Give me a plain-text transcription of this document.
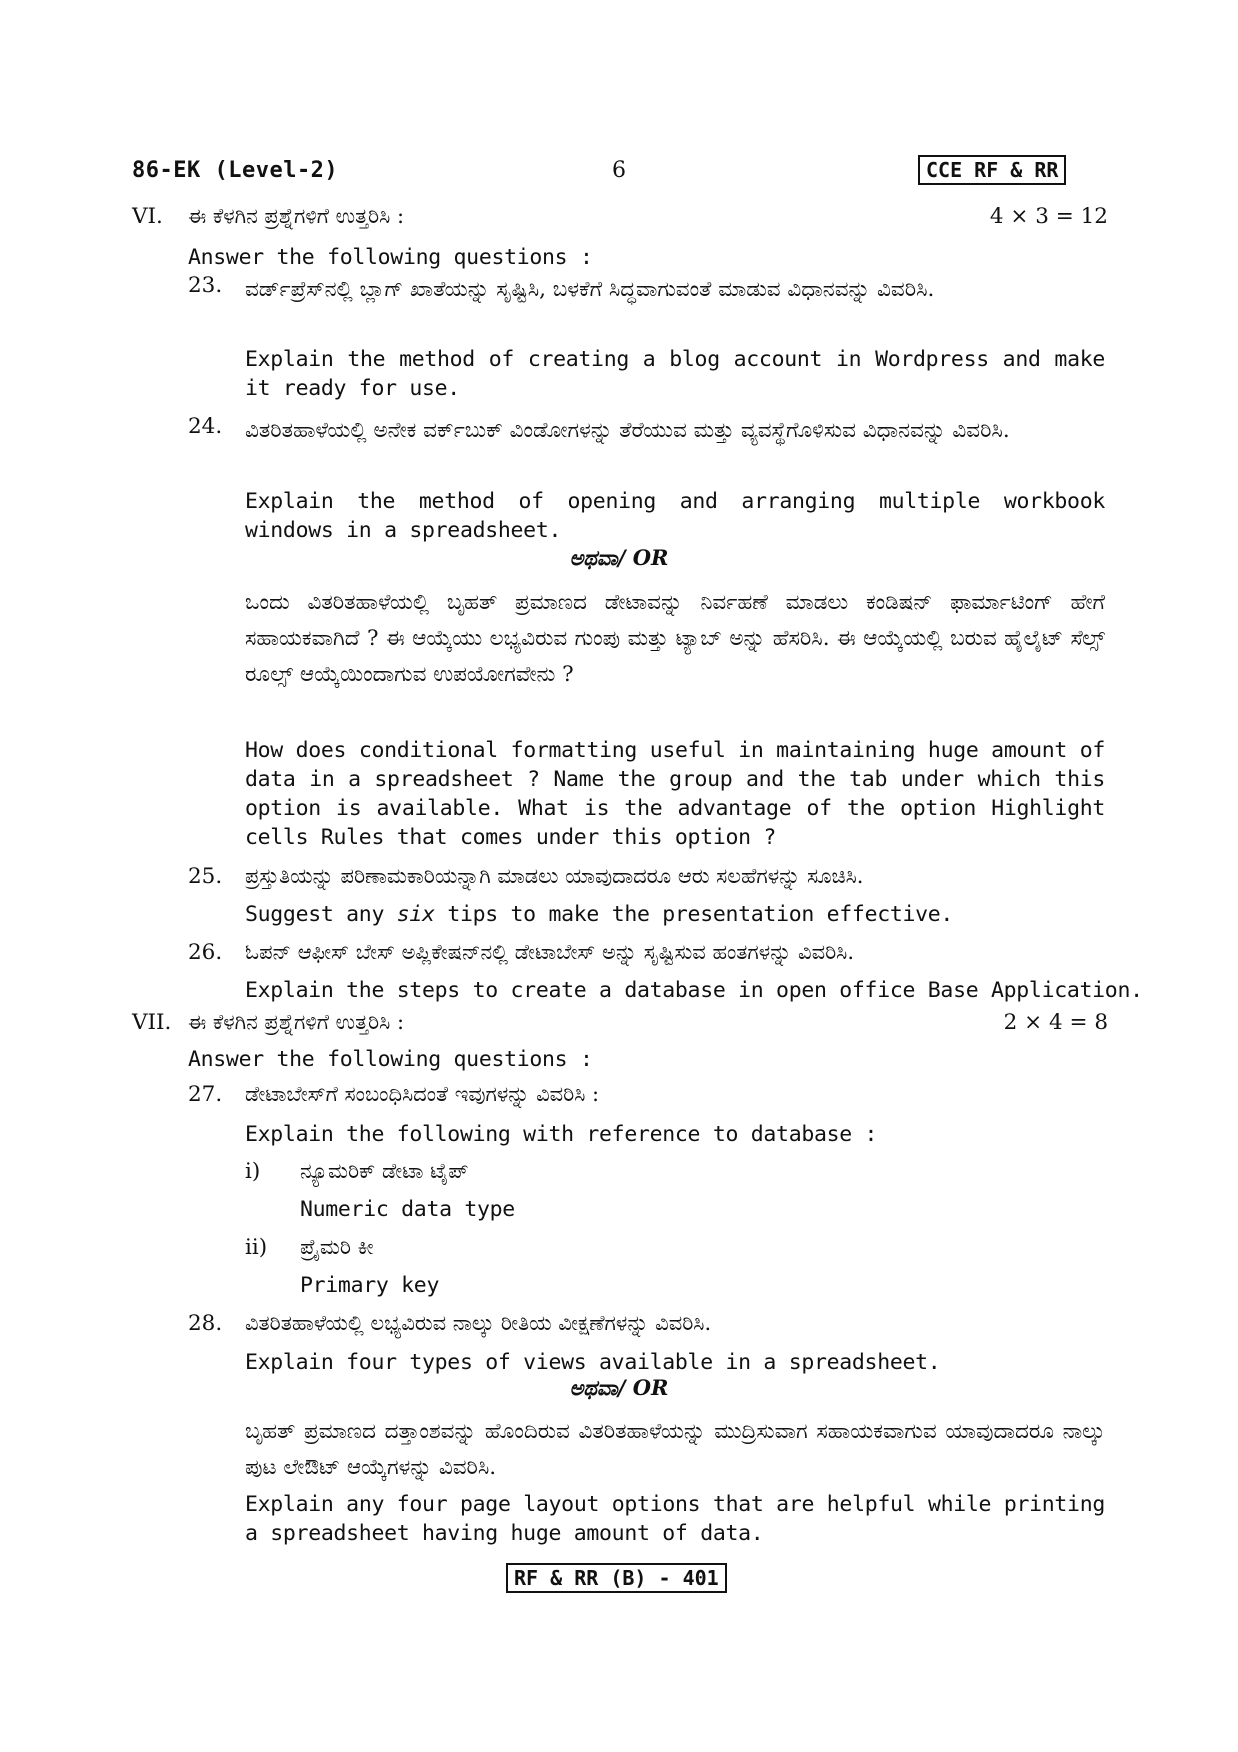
86-EK (Level-2)	6	CCE RF & RR
VI. ಈ ಕೆಳಗಿನ ಪ್ರಶ್ನೆಗಳಿಗೆ ಉತ್ತರಿಸಿ :	4 × 3 = 12
Answer the following questions :
23. ವರ್ಡ್‌ಪ್ರೆಸ್‌ನಲ್ಲಿ ಬ್ಲಾಗ್ ಖಾತೆಯನ್ನು ಸೃಷ್ಟಿಸಿ, ಬಳಕೆಗೆ ಸಿದ್ಧವಾಗುವಂತೆ ಮಾಡುವ ವಿಧಾನವನ್ನು ವಿವರಿಸಿ.
Explain the method of creating a blog account in Wordpress and make it ready for use.
24. ವಿತರಿತಹಾಳೆಯಲ್ಲಿ ಅನೇಕ ವರ್ಕ್‌ಬುಕ್ ವಿಂಡೋಗಳನ್ನು ತೆರೆಯುವ ಮತ್ತು ವ್ಯವಸ್ಥೆಗೊಳಿಸುವ ವಿಧಾನವನ್ನು ವಿವರಿಸಿ.
Explain the method of opening and arranging multiple workbook windows in a spreadsheet.
ಅಥವಾ/ OR
ಒಂದು ವಿತರಿತಹಾಳೆಯಲ್ಲಿ ಬೃಹತ್ ಪ್ರಮಾಣದ ಡೇಟಾವನ್ನು ನಿರ್ವಹಣೆ ಮಾಡಲು ಕಂಡಿಷನ್ ಫಾರ್ಮಾಟಿಂಗ್ ಹೇಗೆ ಸಹಾಯಕವಾಗಿದೆ ? ಈ ಆಯ್ಕೆಯು ಲಭ್ಯವಿರುವ ಗುಂಪು ಮತ್ತು ಟ್ಯಾಬ್ ಅನ್ನು ಹೆಸರಿಸಿ. ಈ ಆಯ್ಕೆಯಲ್ಲಿ ಬರುವ ಹೈಲೈಟ್ ಸೆಲ್ಸ್ ರೂಲ್ಸ್ ಆಯ್ಕೆಯಿಂದಾಗುವ ಉಪಯೋಗವೇನು ?
How does conditional formatting useful in maintaining huge amount of data in a spreadsheet ? Name the group and the tab under which this option is available. What is the advantage of the option Highlight cells Rules that comes under this option ?
25. ಪ್ರಸ್ತುತಿಯನ್ನು ಪರಿಣಾಮಕಾರಿಯನ್ನಾಗಿ ಮಾಡಲು ಯಾವುದಾದರೂ ಆರು ಸಲಹೆಗಳನ್ನು ಸೂಚಿಸಿ.
Suggest any six tips to make the presentation effective.
26. ಓಪನ್ ಆಫೀಸ್ ಬೇಸ್ ಅಪ್ಲಿಕೇಷನ್‌ನಲ್ಲಿ ಡೇಟಾಬೇಸ್ ಅನ್ನು ಸೃಷ್ಟಿಸುವ ಹಂತಗಳನ್ನು ವಿವರಿಸಿ.
Explain the steps to create a database in open office Base Application.
VII. ಈ ಕೆಳಗಿನ ಪ್ರಶ್ನೆಗಳಿಗೆ ಉತ್ತರಿಸಿ :	2 × 4 = 8
Answer the following questions :
27. ಡೇಟಾಬೇಸ್‌ಗೆ ಸಂಬಂಧಿಸಿದಂತೆ ಇವುಗಳನ್ನು ವಿವರಿಸಿ :
Explain the following with reference to database :
i) ನ್ಯೂಮರಿಕ್ ಡೇಟಾ ಟೈಪ್
Numeric data type
ii) ಪ್ರೈಮರಿ ಕೀ
Primary key
28. ವಿತರಿತಹಾಳೆಯಲ್ಲಿ ಲಭ್ಯವಿರುವ ನಾಲ್ಕು ರೀತಿಯ ವೀಕ್ಷಣೆಗಳನ್ನು ವಿವರಿಸಿ.
Explain four types of views available in a spreadsheet.
ಅಥವಾ/ OR
ಬೃಹತ್ ಪ್ರಮಾಣದ ದತ್ತಾಂಶವನ್ನು ಹೊಂದಿರುವ ವಿತರಿತಹಾಳೆಯನ್ನು ಮುದ್ರಿಸುವಾಗ ಸಹಾಯಕವಾಗುವ ಯಾವುದಾದರೂ ನಾಲ್ಕು ಪುಟ ಲೇಔಟ್ ಆಯ್ಕೆಗಳನ್ನು ವಿವರಿಸಿ.
Explain any four page layout options that are helpful while printing a spreadsheet having huge amount of data.
RF & RR (B) - 401
